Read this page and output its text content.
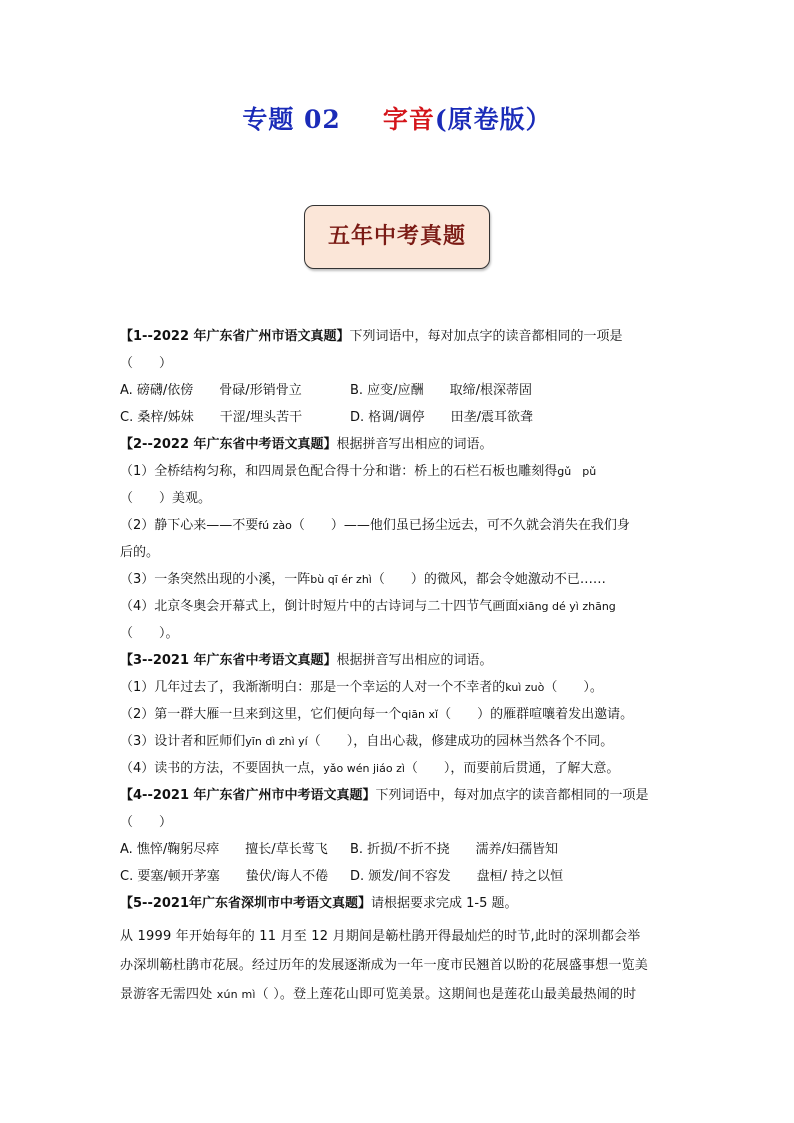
专题 02 字音(原卷版）
五年中考真题
【1--2022 年广东省广州市语文真题】下列词语中，每对加点字的读音都相同的一项是
（　　）
A. 磅礴/依傍　　骨碌/形销骨立	B. 应变/应酬　　取缔/根深蒂固
C. 桑梓/姊妹　　干涩/埋头苦干	D. 格调/调停　　田垄/震耳欲聋
【2--2022 年广东省中考语文真题】根据拼音写出相应的词语。
（1）全桥结构匀称，和四周景色配合得十分和谐：桥上的石栏石板也雕刻得gǔ　pǔ
（　　）美观。
（2）静下心来——不要fú zào（　　）——他们虽已扬尘远去，可不久就会消失在我们身
后的。
（3）一条突然出现的小溪，一阵bù qī ér zhì（　　）的微风，都会令她激动不已……
（4）北京冬奥会开幕式上，倒计时短片中的古诗词与二十四节气画面xiāng dé yì zhāng
（　　）。
【3--2021 年广东省中考语文真题】根据拼音写出相应的词语。
（1）几年过去了，我渐渐明白：那是一个幸运的人对一个不幸者的kuì zuò（　　）。
（2）第一群大雁一旦来到这里，它们便向每一个qiān xǐ（　　）的雁群喧嚷着发出邀请。
（3）设计者和匠师们yīn dì zhì yí（　　），自出心裁，修建成功的园林当然各个不同。
（4）读书的方法，不要固执一点，yǎo wén jiáo zì（　　），而要前后贯通，了解大意。
【4--2021 年广东省广州市中考语文真题】下列词语中，每对加点字的读音都相同的一项是
（　　）
A. 憔悴/鞠躬尽瘁　　擅长/草长莺飞 B. 折损/不折不挠　　濡养/妇孺皆知
C. 要塞/顿开茅塞　　蛰伏/诲人不倦 D. 颁发/间不容发　　盘桓/ 持之以恒
【5--2021年广东省深圳市中考语文真题】请根据要求完成 1-5 题。
从 1999 年开始每年的 11 月至 12 月期间是簕杜鹃开得最灿烂的时节,此时的深圳都会举
办深圳簕杜鹃市花展。经过历年的发展逐渐成为一年一度市民翘首以盼的花展盛事想一览美
景游客无需四处 xún mì（ ）。登上莲花山即可览美景。这期间也是莲花山最美最热闹的时
